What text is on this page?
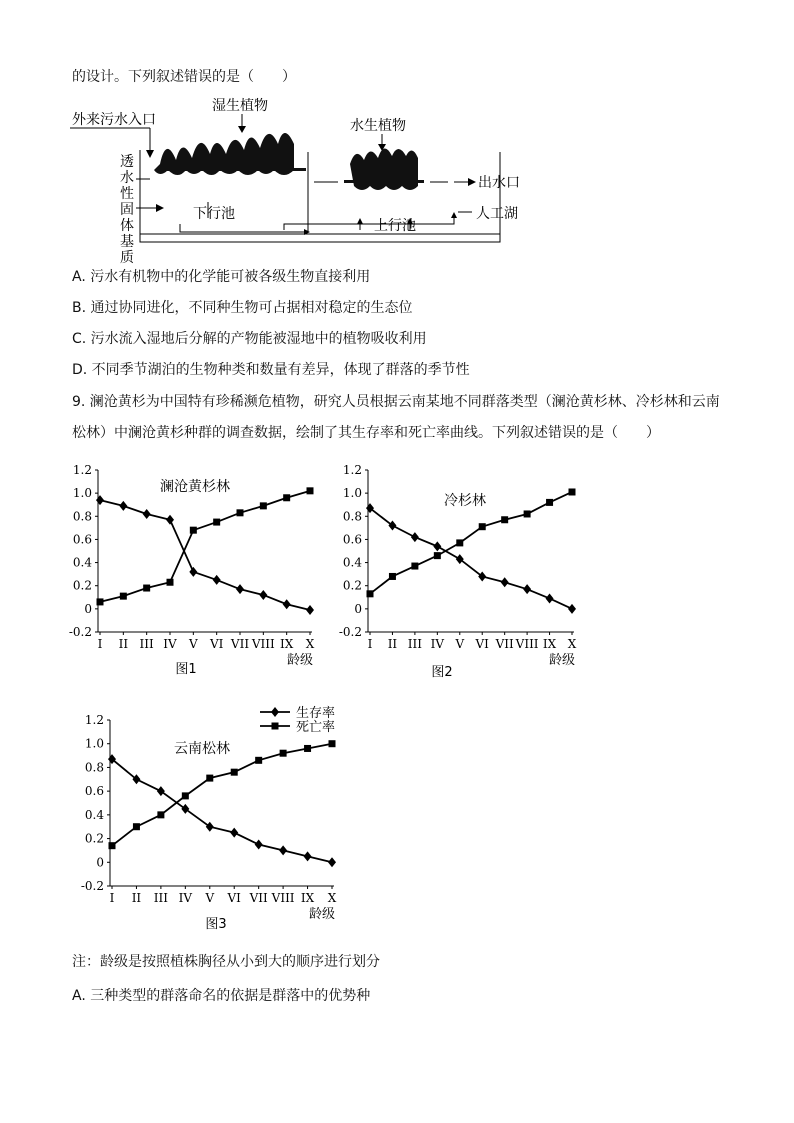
的设计。下列叙述错误的是（　　）
外来污水入口
湿生植物
透
水
性
固
体
基
质
下行池
水生植物
上行池
出水口
人工湖
A. 污水有机物中的化学能可被各级生物直接利用
B. 通过协同进化，不同种生物可占据相对稳定的生态位
C. 污水流入湿地后分解的产物能被湿地中的植物吸收利用
D. 不同季节湖泊的生物种类和数量有差异，体现了群落的季节性
9. 澜沧黄杉为中国特有珍稀濒危植物，研究人员根据云南某地不同群落类型（澜沧黄杉林、冷杉林和云南
松林）中澜沧黄杉种群的调查数据，绘制了其生存率和死亡率曲线。下列叙述错误的是（　　）
1.2
1.0
0.8
0.6
0.4
0.2
0
-0.2
I II III IV V VI VII VIII IX X
龄级
澜沧黄杉林
图1
1.2
1.0
0.8
0.6
0.4
0.2
0
-0.2
I II III IV V VI VII VIII IX X
龄级
冷杉林
图2
1.2
1.0
0.8
0.6
0.4
0.2
0
-0.2
I II III IV V VI VII VIII IX X
龄级
云南松林
图3
生存率
死亡率
注：龄级是按照植株胸径从小到大的顺序进行划分
A. 三种类型的群落命名的依据是群落中的优势种
